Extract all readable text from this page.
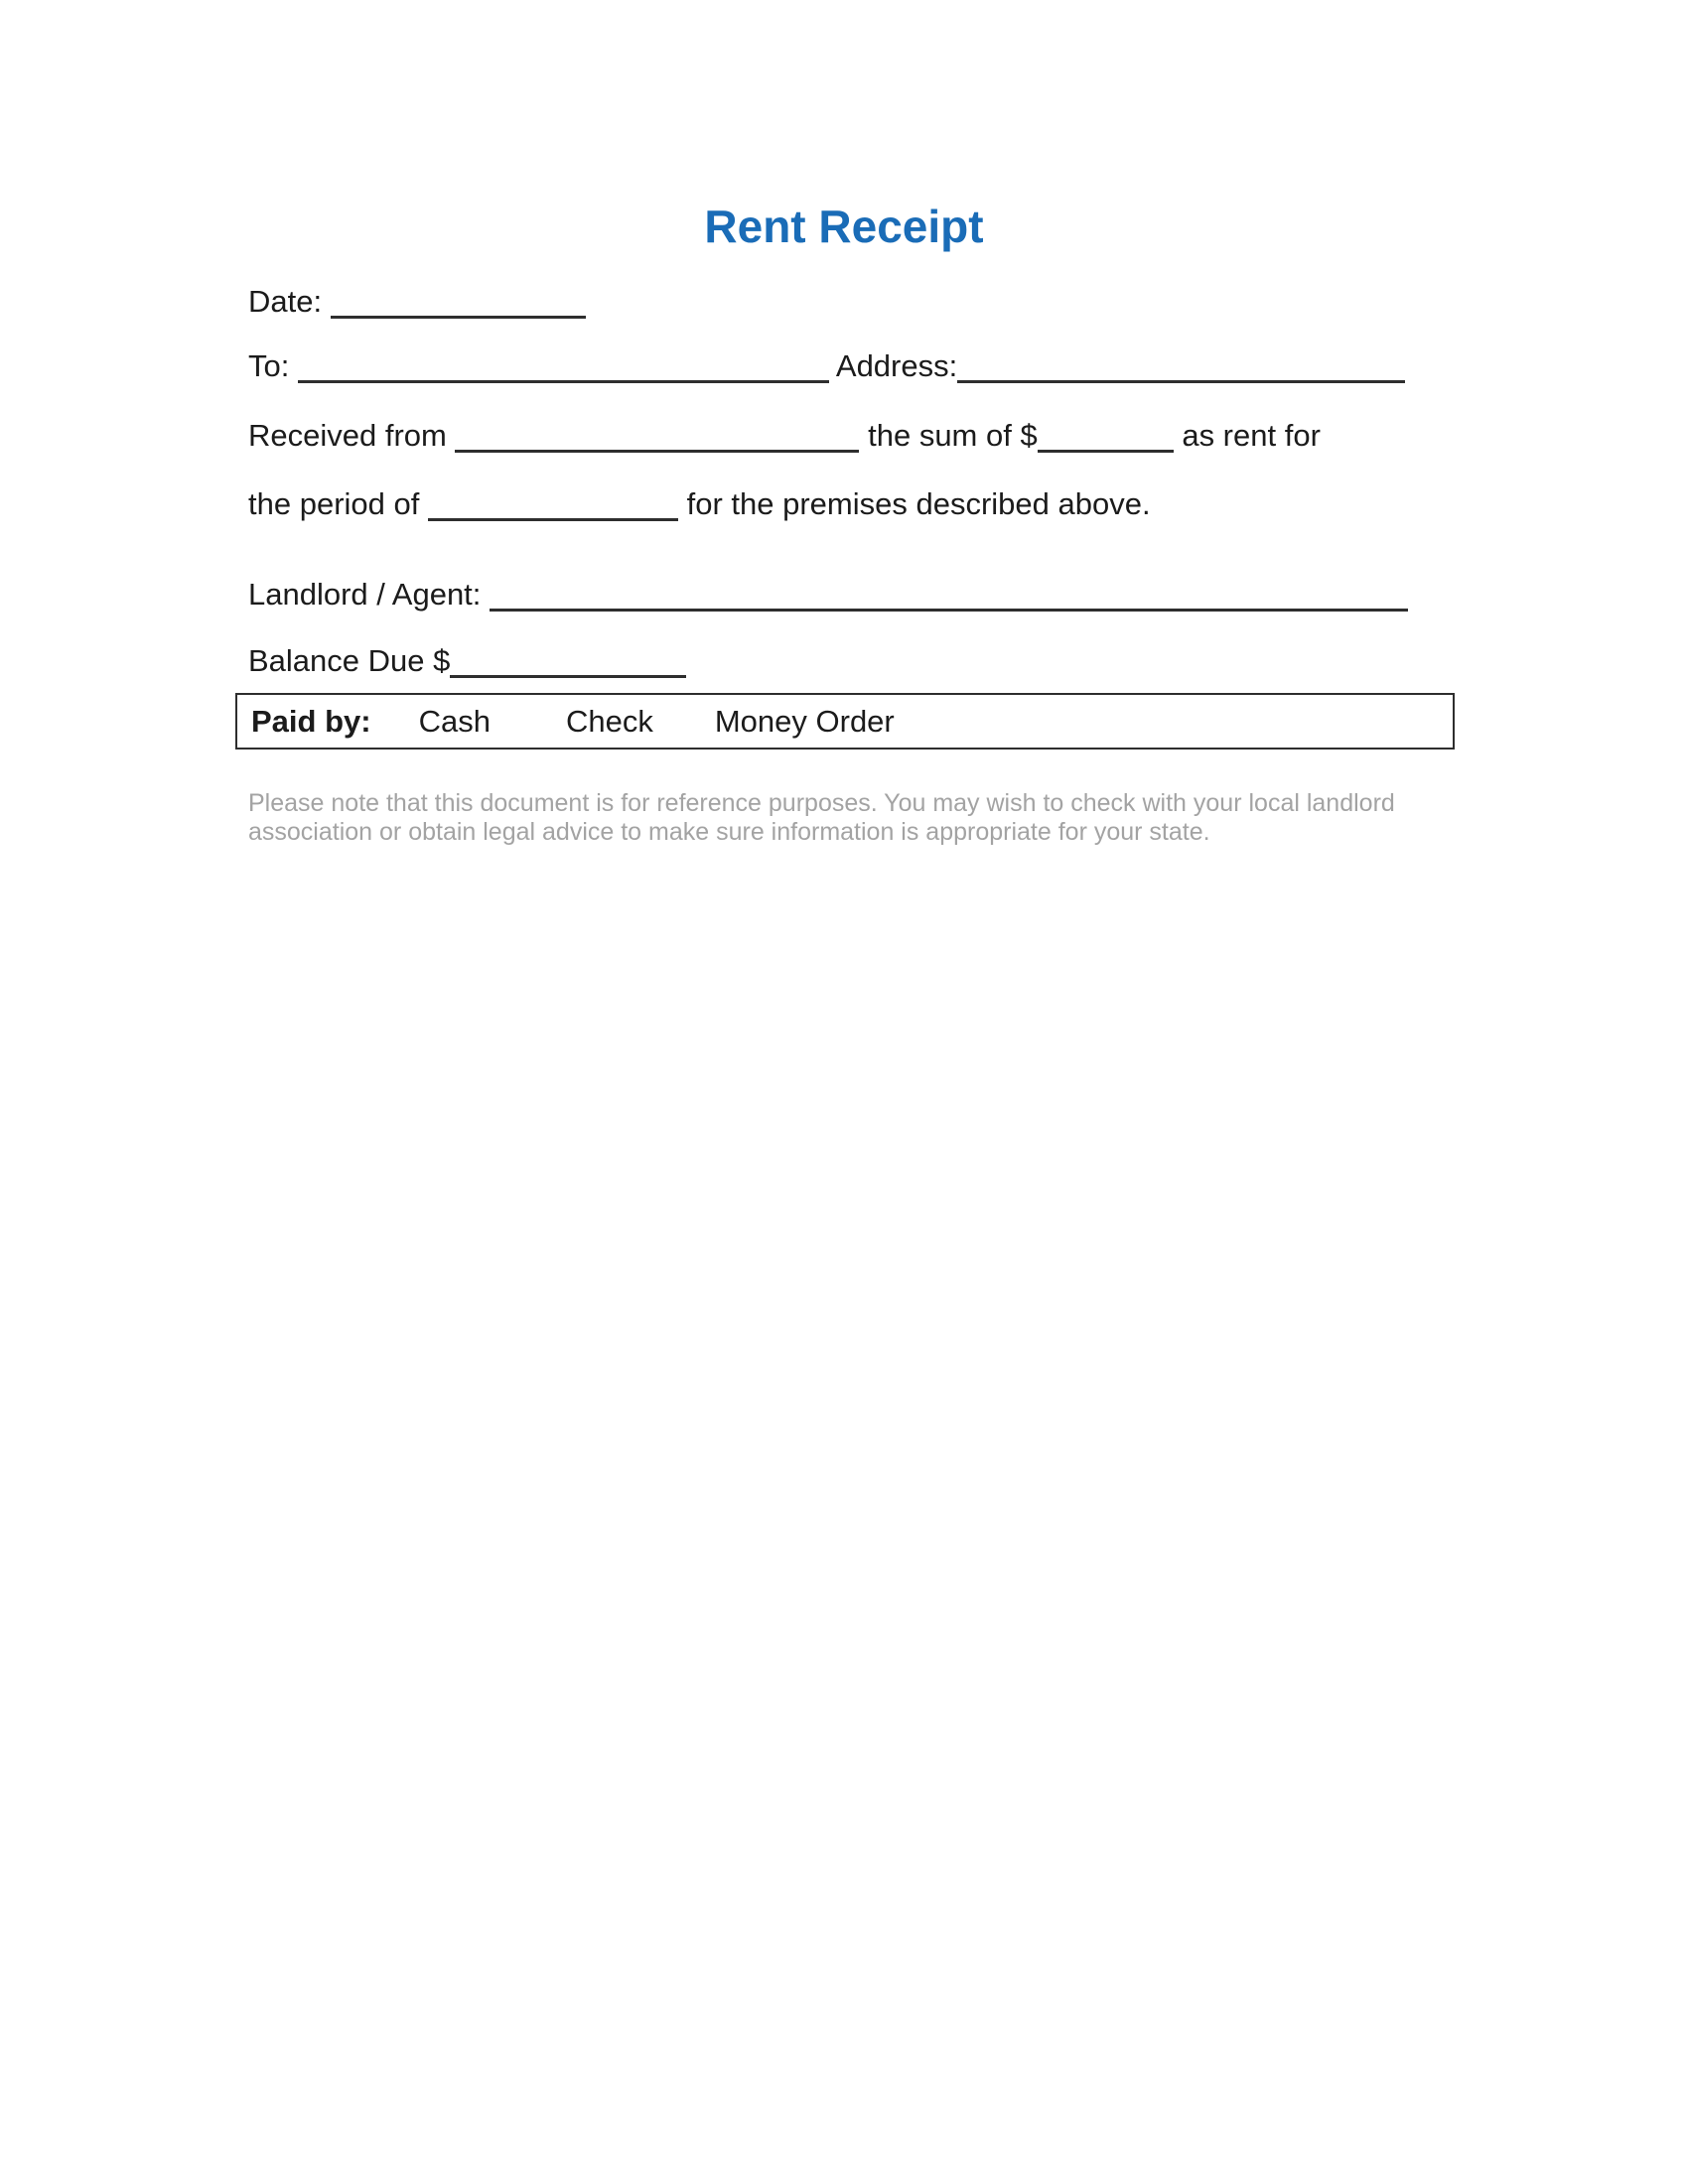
Rent Receipt
Date:
To:	Address:
Received from	the sum of $	as rent for
the period of	for the premises described above.
Landlord / Agent:
Balance Due $
Paid by: Cash Check Money Order
Please note that this document is for reference purposes. You may wish to check with your local landlord
association or obtain legal advice to make sure information is appropriate for your state.
